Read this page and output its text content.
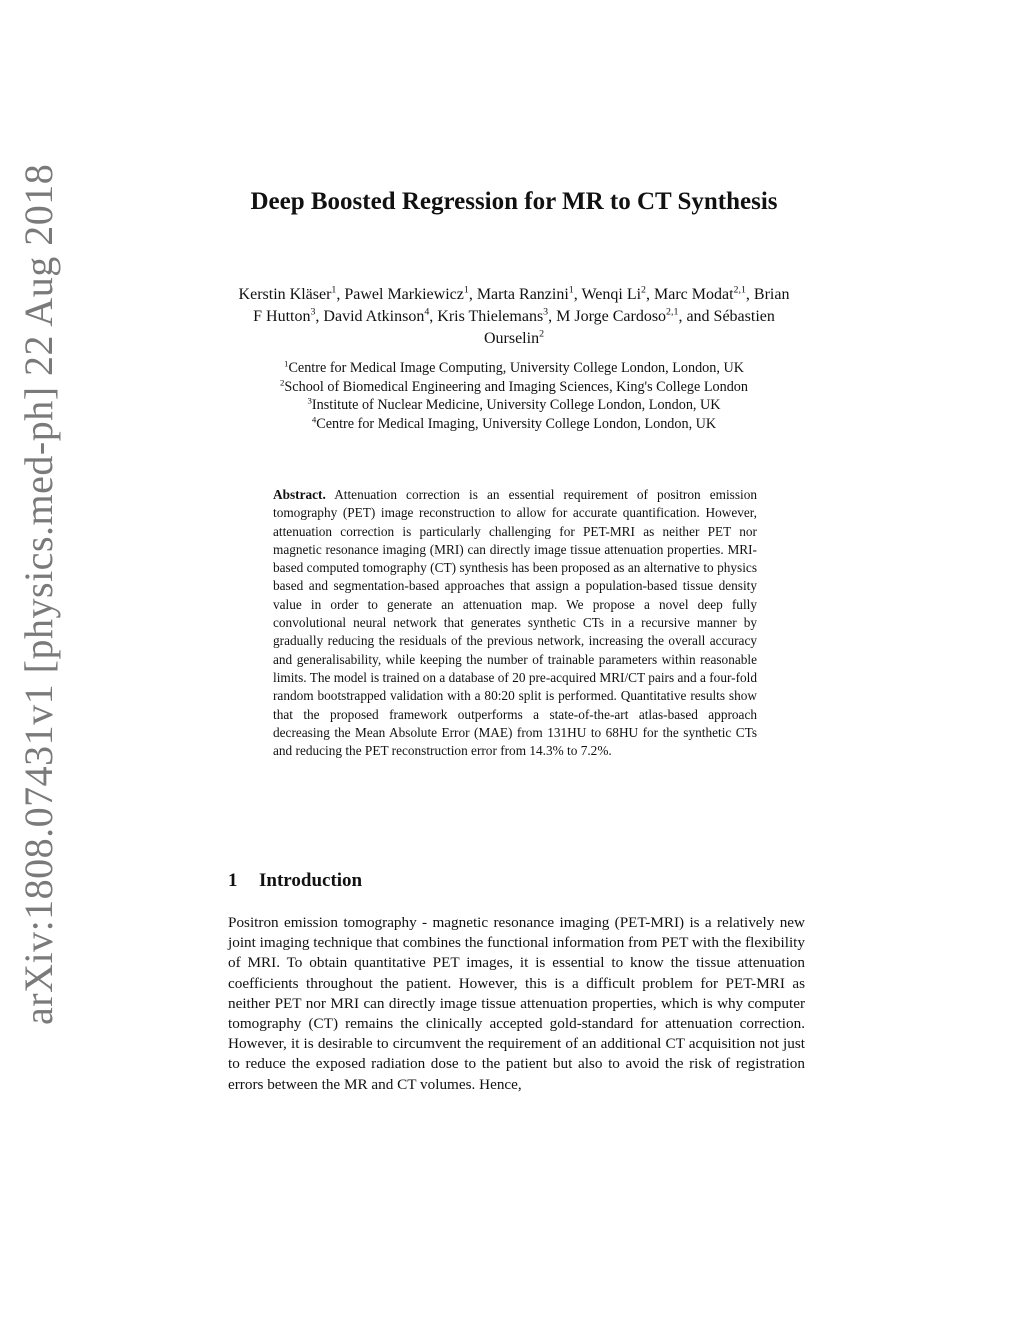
arXiv:1808.07431v1 [physics.med-ph] 22 Aug 2018	Deep Boosted Regression for MR to CT Synthesis
Kerstin Kläser$^1$, Pawel Markiewicz$^1$, Marta Ranzini$^1$, Wenqi Li$^2$, Marc Modat$^{2,1}$, Brian F Hutton$^3$, David Atkinson$^4$, Kris Thielemans$^3$, M Jorge Cardoso$^{2,1}$, and Sébastien Ourselin$^2$
$^1$Centre for Medical Image Computing, University College London, London, UK
$^2$School of Biomedical Engineering and Imaging Sciences, King's College London
$^3$Institute of Nuclear Medicine, University College London, London, UK
$^4$Centre for Medical Imaging, University College London, London, UK
Abstract. Attenuation correction is an essential requirement of positron emission tomography (PET) image reconstruction to allow for accurate quantification. However, attenuation correction is particularly challenging for PET-MRI as neither PET nor magnetic resonance imaging (MRI) can directly image tissue attenuation properties. MRI-based computed tomography (CT) synthesis has been proposed as an alternative to physics based and segmentation-based approaches that assign a population-based tissue density value in order to generate an attenuation map. We propose a novel deep fully convolutional neural network that generates synthetic CTs in a recursive manner by gradually reducing the residuals of the previous network, increasing the overall accuracy and generalisability, while keeping the number of trainable parameters within reasonable limits. The model is trained on a database of 20 pre-acquired MRI/CT pairs and a four-fold random bootstrapped validation with a 80:20 split is performed. Quantitative results show that the proposed framework outperforms a state-of-the-art atlas-based approach decreasing the Mean Absolute Error (MAE) from 131HU to 68HU for the synthetic CTs and reducing the PET reconstruction error from 14.3% to 7.2%.
1 Introduction
Positron emission tomography - magnetic resonance imaging (PET-MRI) is a relatively new joint imaging technique that combines the functional information from PET with the flexibility of MRI. To obtain quantitative PET images, it is essential to know the tissue attenuation coefficients throughout the patient. However, this is a difficult problem for PET-MRI as neither PET nor MRI can directly image tissue attenuation properties, which is why computer tomography (CT) remains the clinically accepted gold-standard for attenuation correction. However, it is desirable to circumvent the requirement of an additional CT acquisition not just to reduce the exposed radiation dose to the patient but also to avoid the risk of registration errors between the MR and CT volumes. Hence,
